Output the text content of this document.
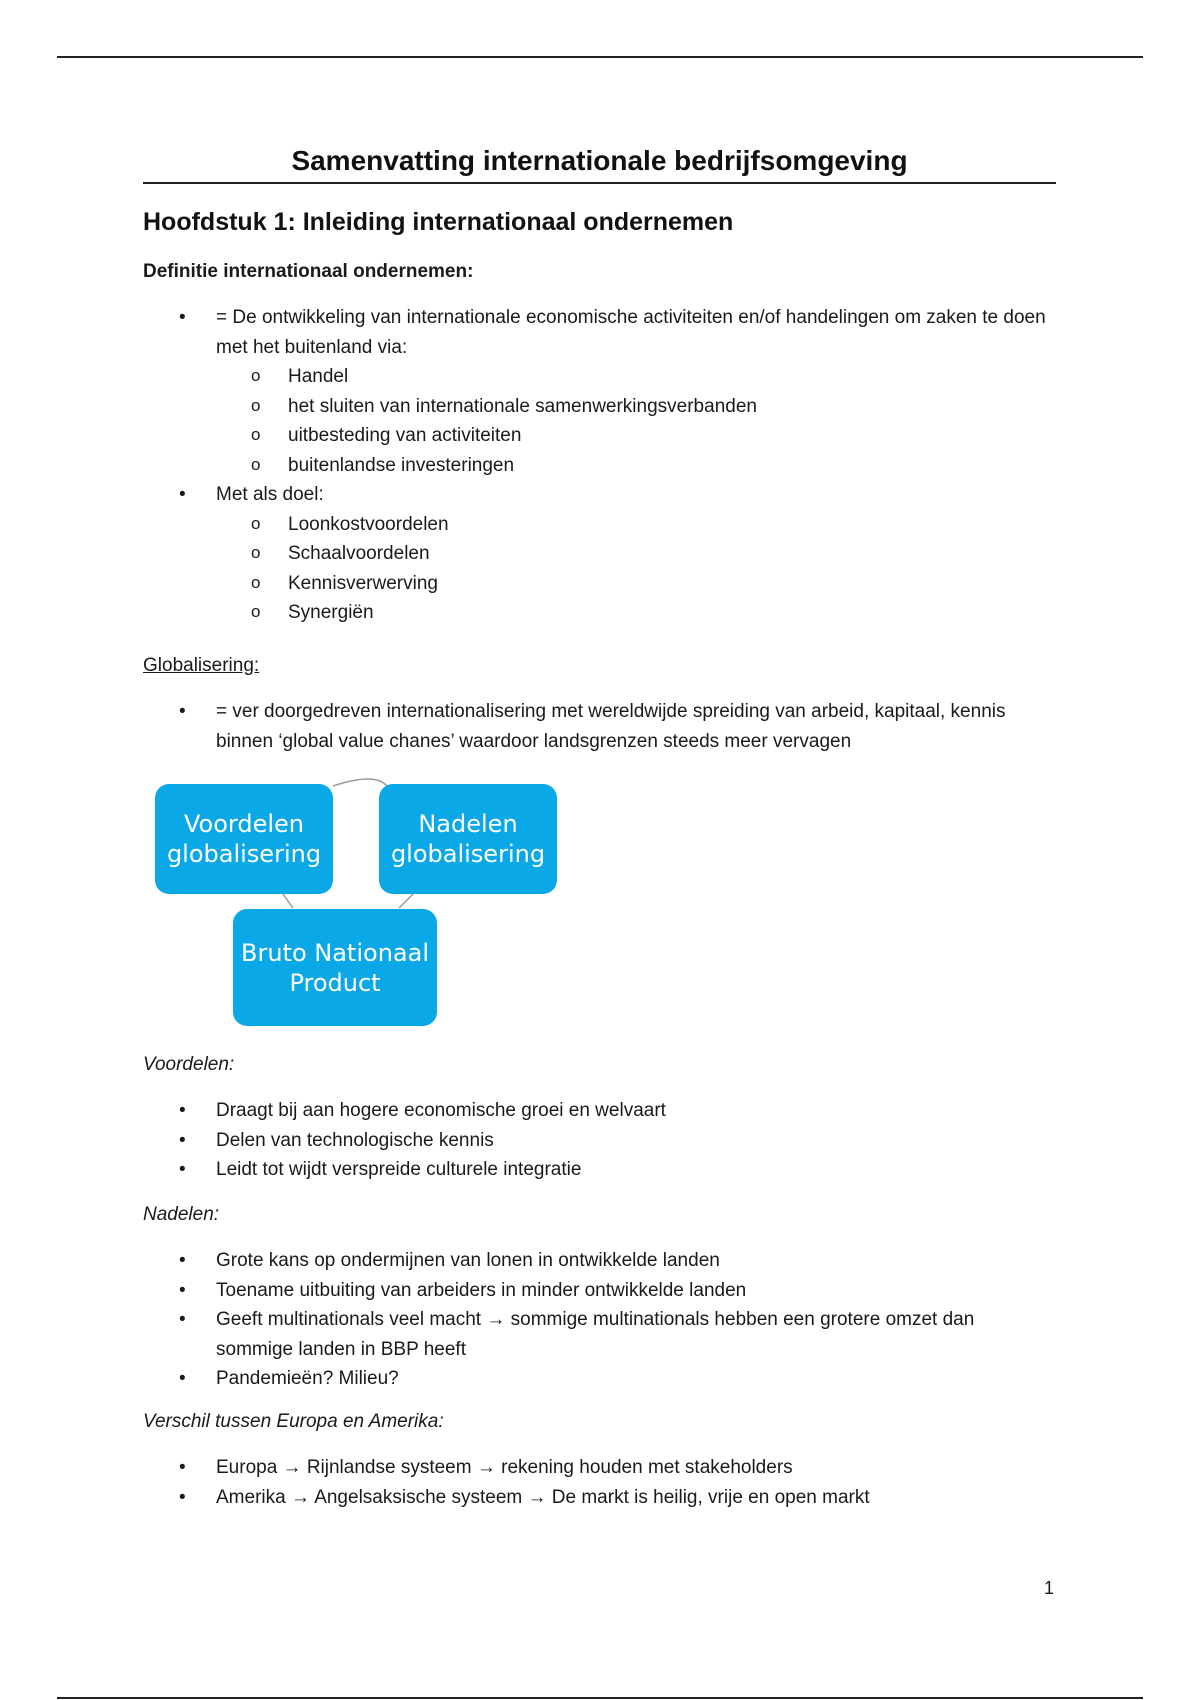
Samenvatting internationale bedrijfsomgeving
Hoofdstuk 1: Inleiding internationaal ondernemen
Definitie internationaal ondernemen:
• = De ontwikkeling van internationale economische activiteiten en/of handelingen om zaken te doen met het buitenland via:
o Handel
o het sluiten van internationale samenwerkingsverbanden
o uitbesteding van activiteiten
o buitenlandse investeringen
• Met als doel:
o Loonkostvoordelen
o Schaalvoordelen
o Kennisverwerving
o Synergiën
Globalisering:
• = ver doorgedreven internationalisering met wereldwijde spreiding van arbeid, kapitaal, kennis binnen ‘global value chanes’ waardoor landsgrenzen steeds meer vervagen
Voordelen globalisering
Nadelen globalisering
Bruto Nationaal Product
Voordelen:
• Draagt bij aan hogere economische groei en welvaart
• Delen van technologische kennis
• Leidt tot wijdt verspreide culturele integratie
Nadelen:
• Grote kans op ondermijnen van lonen in ontwikkelde landen
• Toename uitbuiting van arbeiders in minder ontwikkelde landen
• Geeft multinationals veel macht → sommige multinationals hebben een grotere omzet dan sommige landen in BBP heeft
• Pandemieën? Milieu?
Verschil tussen Europa en Amerika:
• Europa → Rijnlandse systeem → rekening houden met stakeholders
• Amerika → Angelsaksische systeem → De markt is heilig, vrije en open markt
1
